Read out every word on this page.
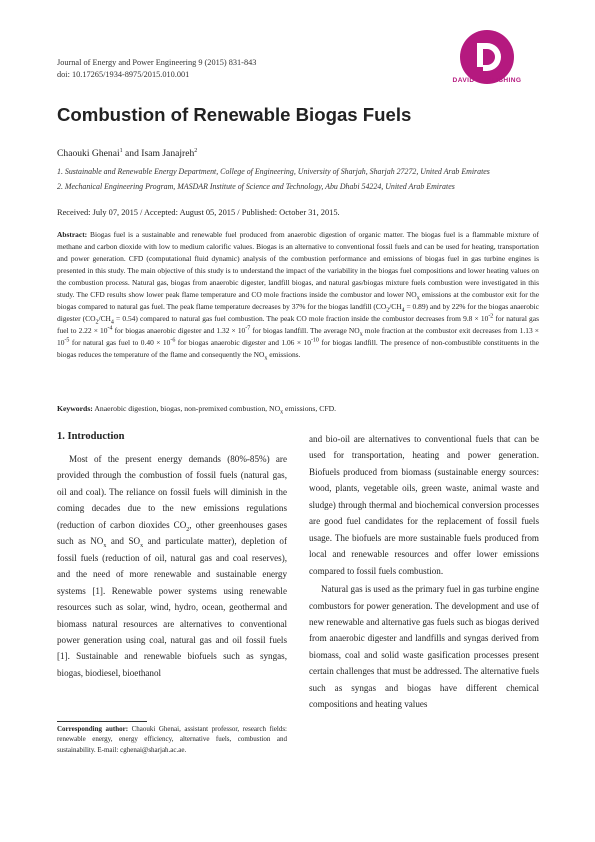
Journal of Energy and Power Engineering 9 (2015) 831-843
doi: 10.17265/1934-8975/2015.010.001
DAVID PUBLISHING
Combustion of Renewable Biogas Fuels
Chaouki Ghenai$^1$ and Isam Janajreh$^2$
1. Sustainable and Renewable Energy Department, College of Engineering, University of Sharjah, Sharjah 27272, United Arab Emirates
2. Mechanical Engineering Program, MASDAR Institute of Science and Technology, Abu Dhabi 54224, United Arab Emirates
Received: July 07, 2015 / Accepted: August 05, 2015 / Published: October 31, 2015.
Abstract: Biogas fuel is a sustainable and renewable fuel produced from anaerobic digestion of organic matter. The biogas fuel is a flammable mixture of methane and carbon dioxide with low to medium calorific values. Biogas is an alternative to conventional fossil fuels and can be used for heating, transportation and power generation. CFD (computational fluid dynamic) analysis of the combustion performance and emissions of biogas fuel in gas turbine engines is presented in this study. The main objective of this study is to understand the impact of the variability in the biogas fuel compositions and lower heating values on the combustion process. Natural gas, biogas from anaerobic digester, landfill biogas, and natural gas/biogas mixture fuels combustion were investigated in this study. The CFD results show lower peak flame temperature and CO mole fractions inside the combustor and lower $NO_x$ emissions at the combustor exit for the biogas compared to natural gas fuel. The peak flame temperature decreases by 37% for the biogas landfill $(CO_2/CH_4 = 0.89)$ and by 22% for the biogas anaerobic digester $(CO_2/CH_4 = 0.54)$ compared to natural gas fuel combustion. The peak CO mole fraction inside the combustor decreases from $9.8 \times 10^{-2}$ for natural gas fuel to $2.22 \times 10^{-4}$ for biogas anaerobic digester and $1.32 \times 10^{-7}$ for biogas landfill. The average $NO_x$ mole fraction at the combustor exit decreases from $1.13 \times 10^{-5}$ for natural gas fuel to $0.40 \times 10^{-6}$ for biogas anaerobic digester and $1.06 \times 10^{-10}$ for biogas landfill. The presence of non-combustible constituents in the biogas reduces the temperature of the flame and consequently the $NO_x$ emissions.
Keywords: Anaerobic digestion, biogas, non-premixed combustion, $NO_x$ emissions, CFD.
1. Introduction

Most of the present energy demands (80%-85%) are provided through the combustion of fossil fuels (natural gas, oil and coal). The reliance on fossil fuels will diminish in the coming decades due to the new emissions regulations (reduction of carbon dioxides $CO_2$, other greenhouses gases such as $NO_x$ and $SO_x$ and particulate matter), depletion of fossil fuels (reduction of oil, natural gas and coal reserves), and the need of more renewable and sustainable energy systems [1]. Renewable power systems using renewable resources such as solar, wind, hydro, ocean, geothermal and biomass natural resources are alternatives to conventional power generation using coal, natural gas and oil fossil fuels [1]. Sustainable and renewable biofuels such as syngas, biogas, biodiesel, bioethanol

and bio-oil are alternatives to conventional fuels that can be used for transportation, heating and power generation. Biofuels produced from biomass (sustainable energy sources: wood, plants, vegetable oils, green waste, animal waste and sludge) through thermal and biochemical conversion processes are good fuel candidates for the replacement of fossil fuels usage. The biofuels are more sustainable fuels produced from local and renewable resources and offer lower emissions compared to fossil fuels combustion.

Natural gas is used as the primary fuel in gas turbine engine combustors for power generation. The development and use of new renewable and alternative gas fuels such as biogas derived from anaerobic digester and landfills and syngas derived from biomass, coal and solid waste gasification processes present certain challenges that must be addressed. The alternative fuels such as syngas and biogas have different chemical compositions and heating values

Corresponding author: Chaouki Ghenai, assistant professor, research fields: renewable energy, energy efficiency, alternative fuels, combustion and sustainability. E-mail: cghenai@sharjah.ac.ae.
